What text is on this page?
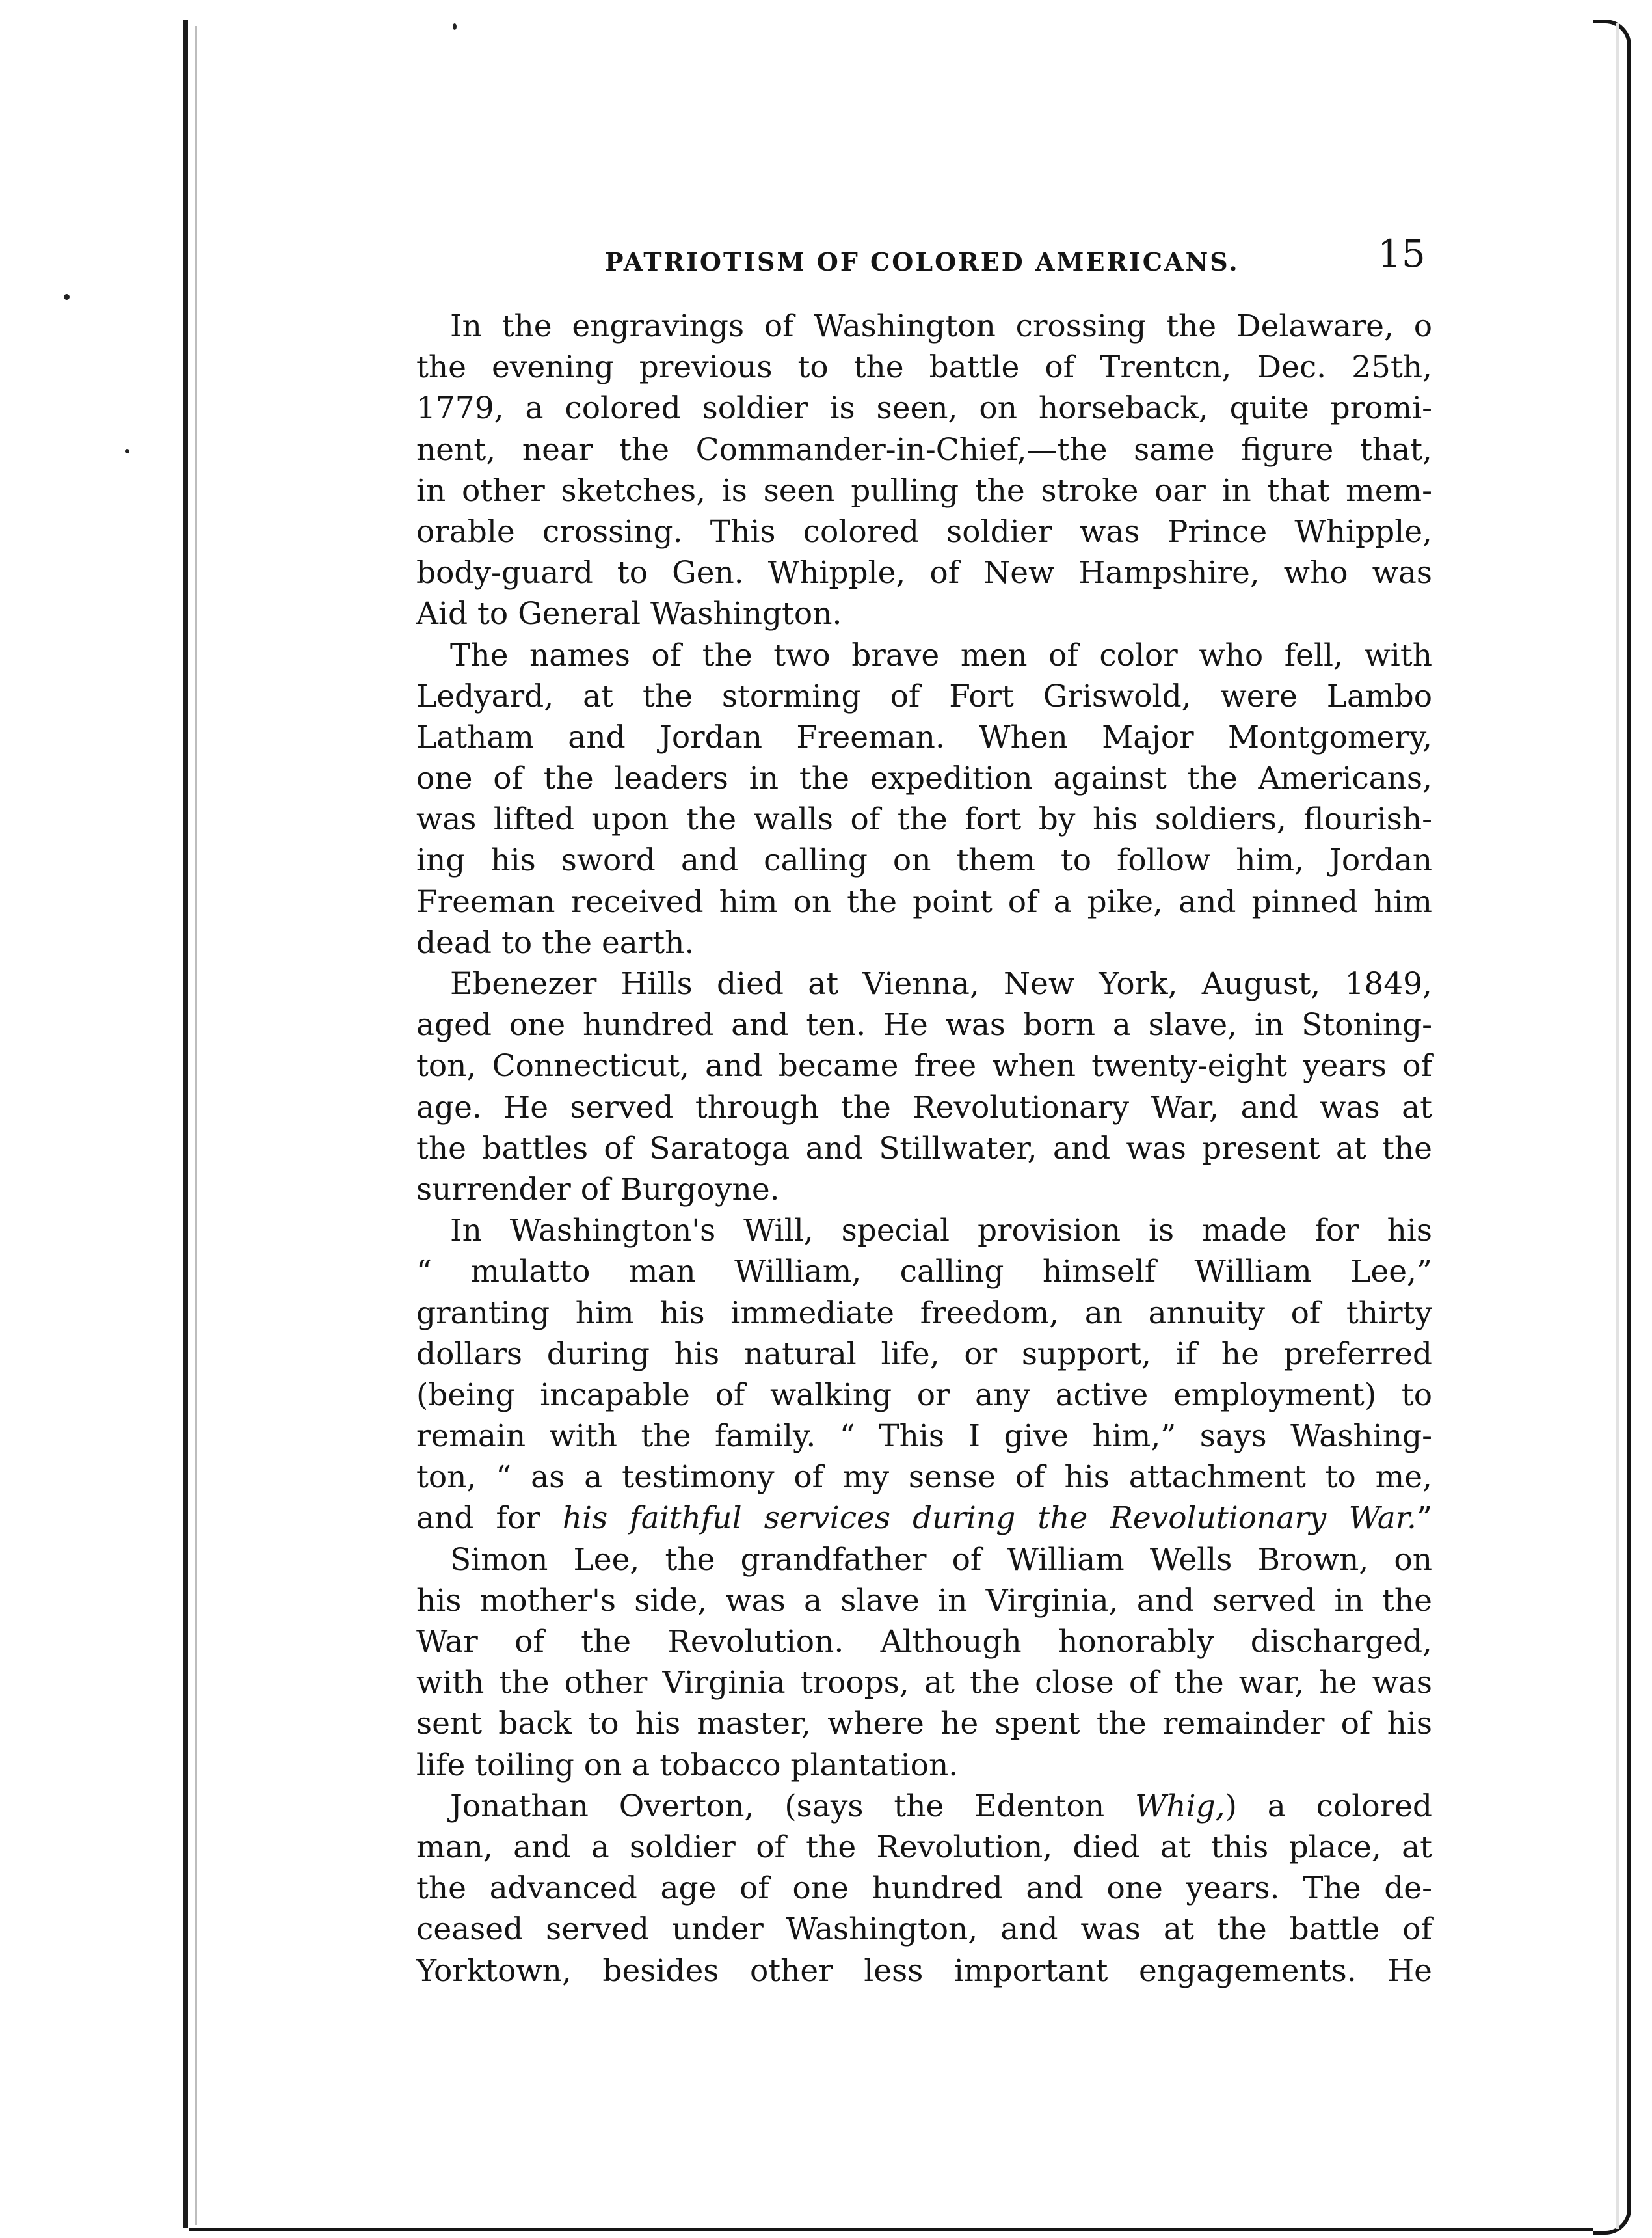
PATRIOTISM OF COLORED AMERICANS.	15
In the engravings of Washington crossing the Delaware, o
the evening previous to the battle of Trentcn, Dec. 25th,
1779, a colored soldier is seen, on horseback, quite promi-
nent, near the Commander-in-Chief,—the same figure that,
in other sketches, is seen pulling the stroke oar in that mem-
orable crossing. This colored soldier was Prince Whipple,
body-guard to Gen. Whipple, of New Hampshire, who was
Aid to General Washington.
The names of the two brave men of color who fell, with
Ledyard, at the storming of Fort Griswold, were Lambo
Latham and Jordan Freeman. When Major Montgomery,
one of the leaders in the expedition against the Americans,
was lifted upon the walls of the fort by his soldiers, flourish-
ing his sword and calling on them to follow him, Jordan
Freeman received him on the point of a pike, and pinned him
dead to the earth.
Ebenezer Hills died at Vienna, New York, August, 1849,
aged one hundred and ten. He was born a slave, in Stoning-
ton, Connecticut, and became free when twenty-eight years of
age. He served through the Revolutionary War, and was at
the battles of Saratoga and Stillwater, and was present at the
surrender of Burgoyne.
In Washington's Will, special provision is made for his
“ mulatto man William, calling himself William Lee,”
granting him his immediate freedom, an annuity of thirty
dollars during his natural life, or support, if he preferred
(being incapable of walking or any active employment) to
remain with the family. “ This I give him,” says Washing-
ton, “ as a testimony of my sense of his attachment to me,
and for his faithful services during the Revolutionary War.”
Simon Lee, the grandfather of William Wells Brown, on
his mother's side, was a slave in Virginia, and served in the
War of the Revolution. Although honorably discharged,
with the other Virginia troops, at the close of the war, he was
sent back to his master, where he spent the remainder of his
life toiling on a tobacco plantation.
Jonathan Overton, (says the Edenton Whig,) a colored
man, and a soldier of the Revolution, died at this place, at
the advanced age of one hundred and one years. The de-
ceased served under Washington, and was at the battle of
Yorktown, besides other less important engagements. He
